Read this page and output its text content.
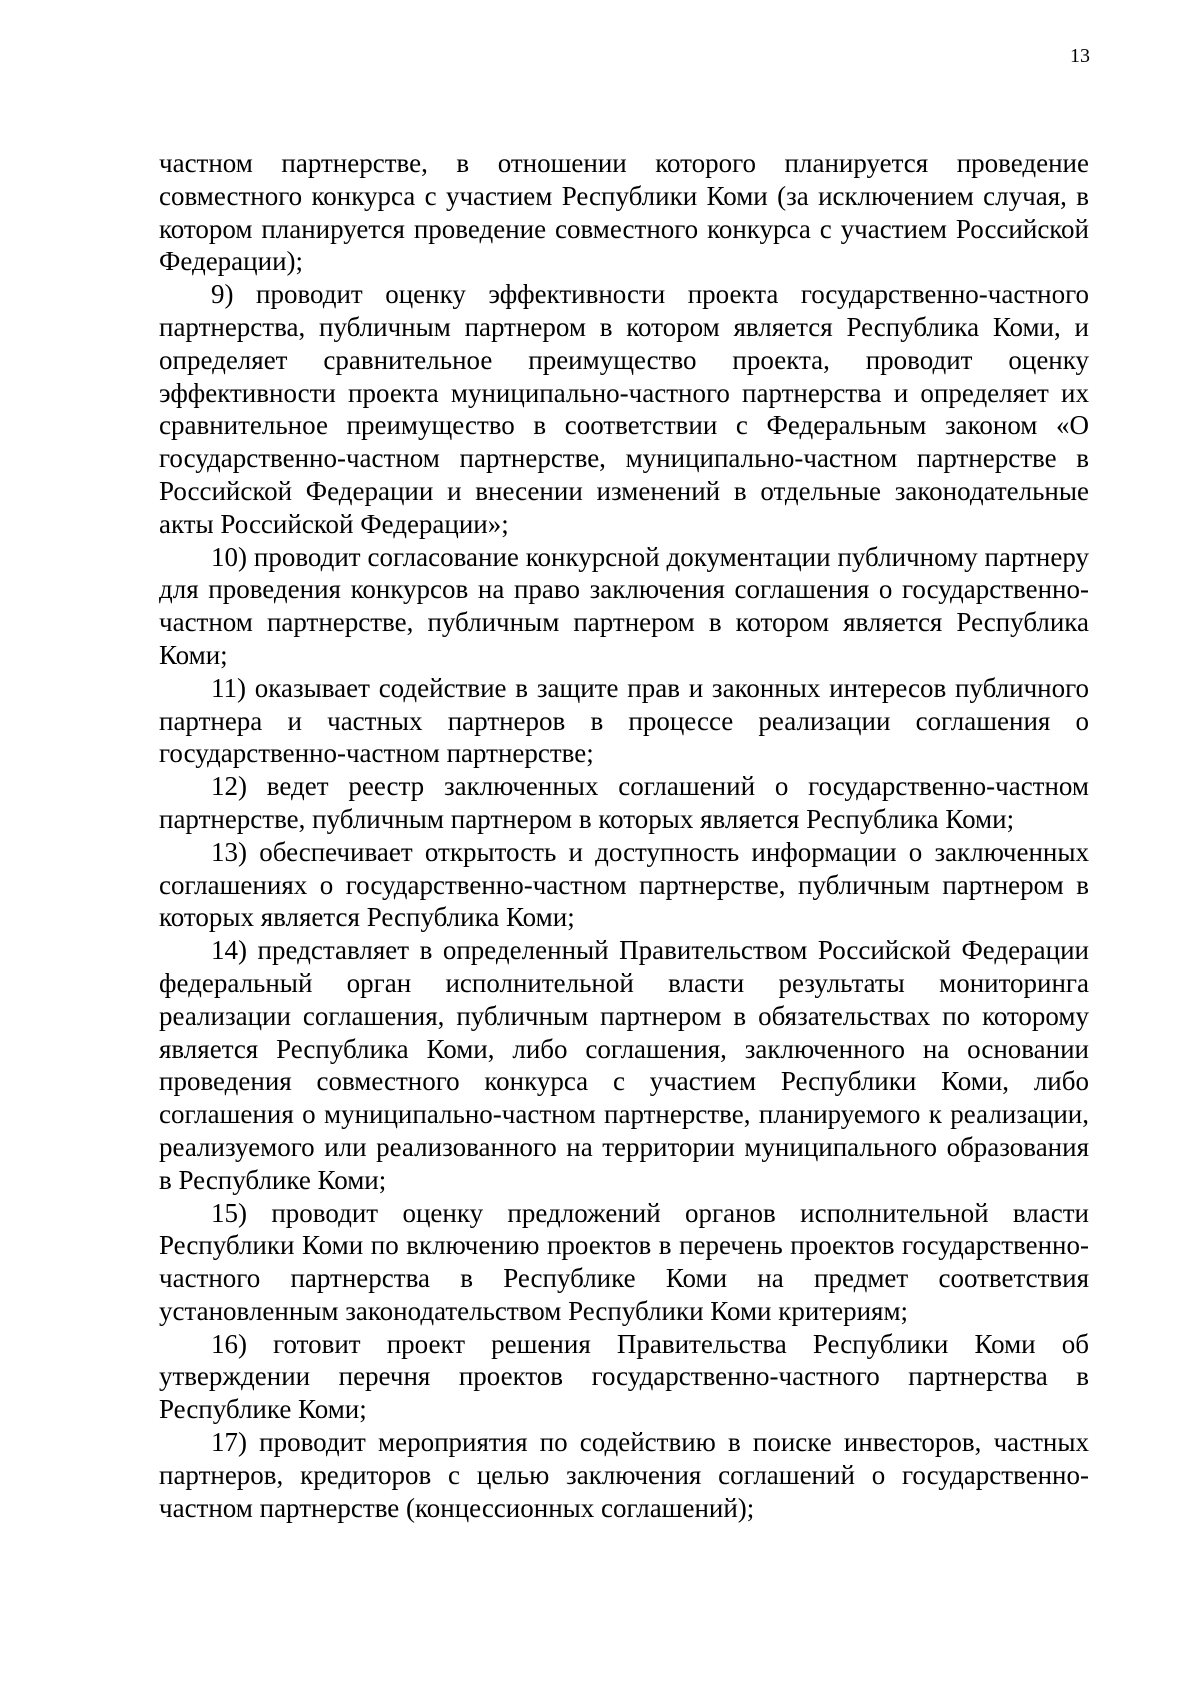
13

частном партнерстве, в отношении которого планируется проведение совместного конкурса с участием Республики Коми (за исключением случая, в котором планируется проведение совместного конкурса с участием Российской Федерации);

9) проводит оценку эффективности проекта государственно-частного партнерства, публичным партнером в котором является Республика Коми, и определяет сравнительное преимущество проекта, проводит оценку эффективности проекта муниципально-частного партнерства и определяет их сравнительное преимущество в соответствии с Федеральным законом «О государственно-частном партнерстве, муниципально-частном партнерстве в Российской Федерации и внесении изменений в отдельные законодательные акты Российской Федерации»;

10) проводит согласование конкурсной документации публичному партнеру для проведения конкурсов на право заключения соглашения о государственно-частном партнерстве, публичным партнером в котором является Республика Коми;

11) оказывает содействие в защите прав и законных интересов публичного партнера и частных партнеров в процессе реализации соглашения о государственно-частном партнерстве;

12) ведет реестр заключенных соглашений о государственно-частном партнерстве, публичным партнером в которых является Республика Коми;

13) обеспечивает открытость и доступность информации о заключенных соглашениях о государственно-частном партнерстве, публичным партнером в которых является Республика Коми;

14) представляет в определенный Правительством Российской Федерации федеральный орган исполнительной власти результаты мониторинга реализации соглашения, публичным партнером в обязательствах по которому является Республика Коми, либо соглашения, заключенного на основании проведения совместного конкурса с участием Республики Коми, либо соглашения о муниципально-частном партнерстве, планируемого к реализации, реализуемого или реализованного на территории муниципального образования в Республике Коми;

15) проводит оценку предложений органов исполнительной власти Республики Коми по включению проектов в перечень проектов государственно-частного партнерства в Республике Коми на предмет соответствия установленным законодательством Республики Коми критериям;

16) готовит проект решения Правительства Республики Коми об утверждении перечня проектов государственно-частного партнерства в Республике Коми;

17) проводит мероприятия по содействию в поиске инвесторов, частных партнеров, кредиторов с целью заключения соглашений о государственно-частном партнерстве (концессионных соглашений);
